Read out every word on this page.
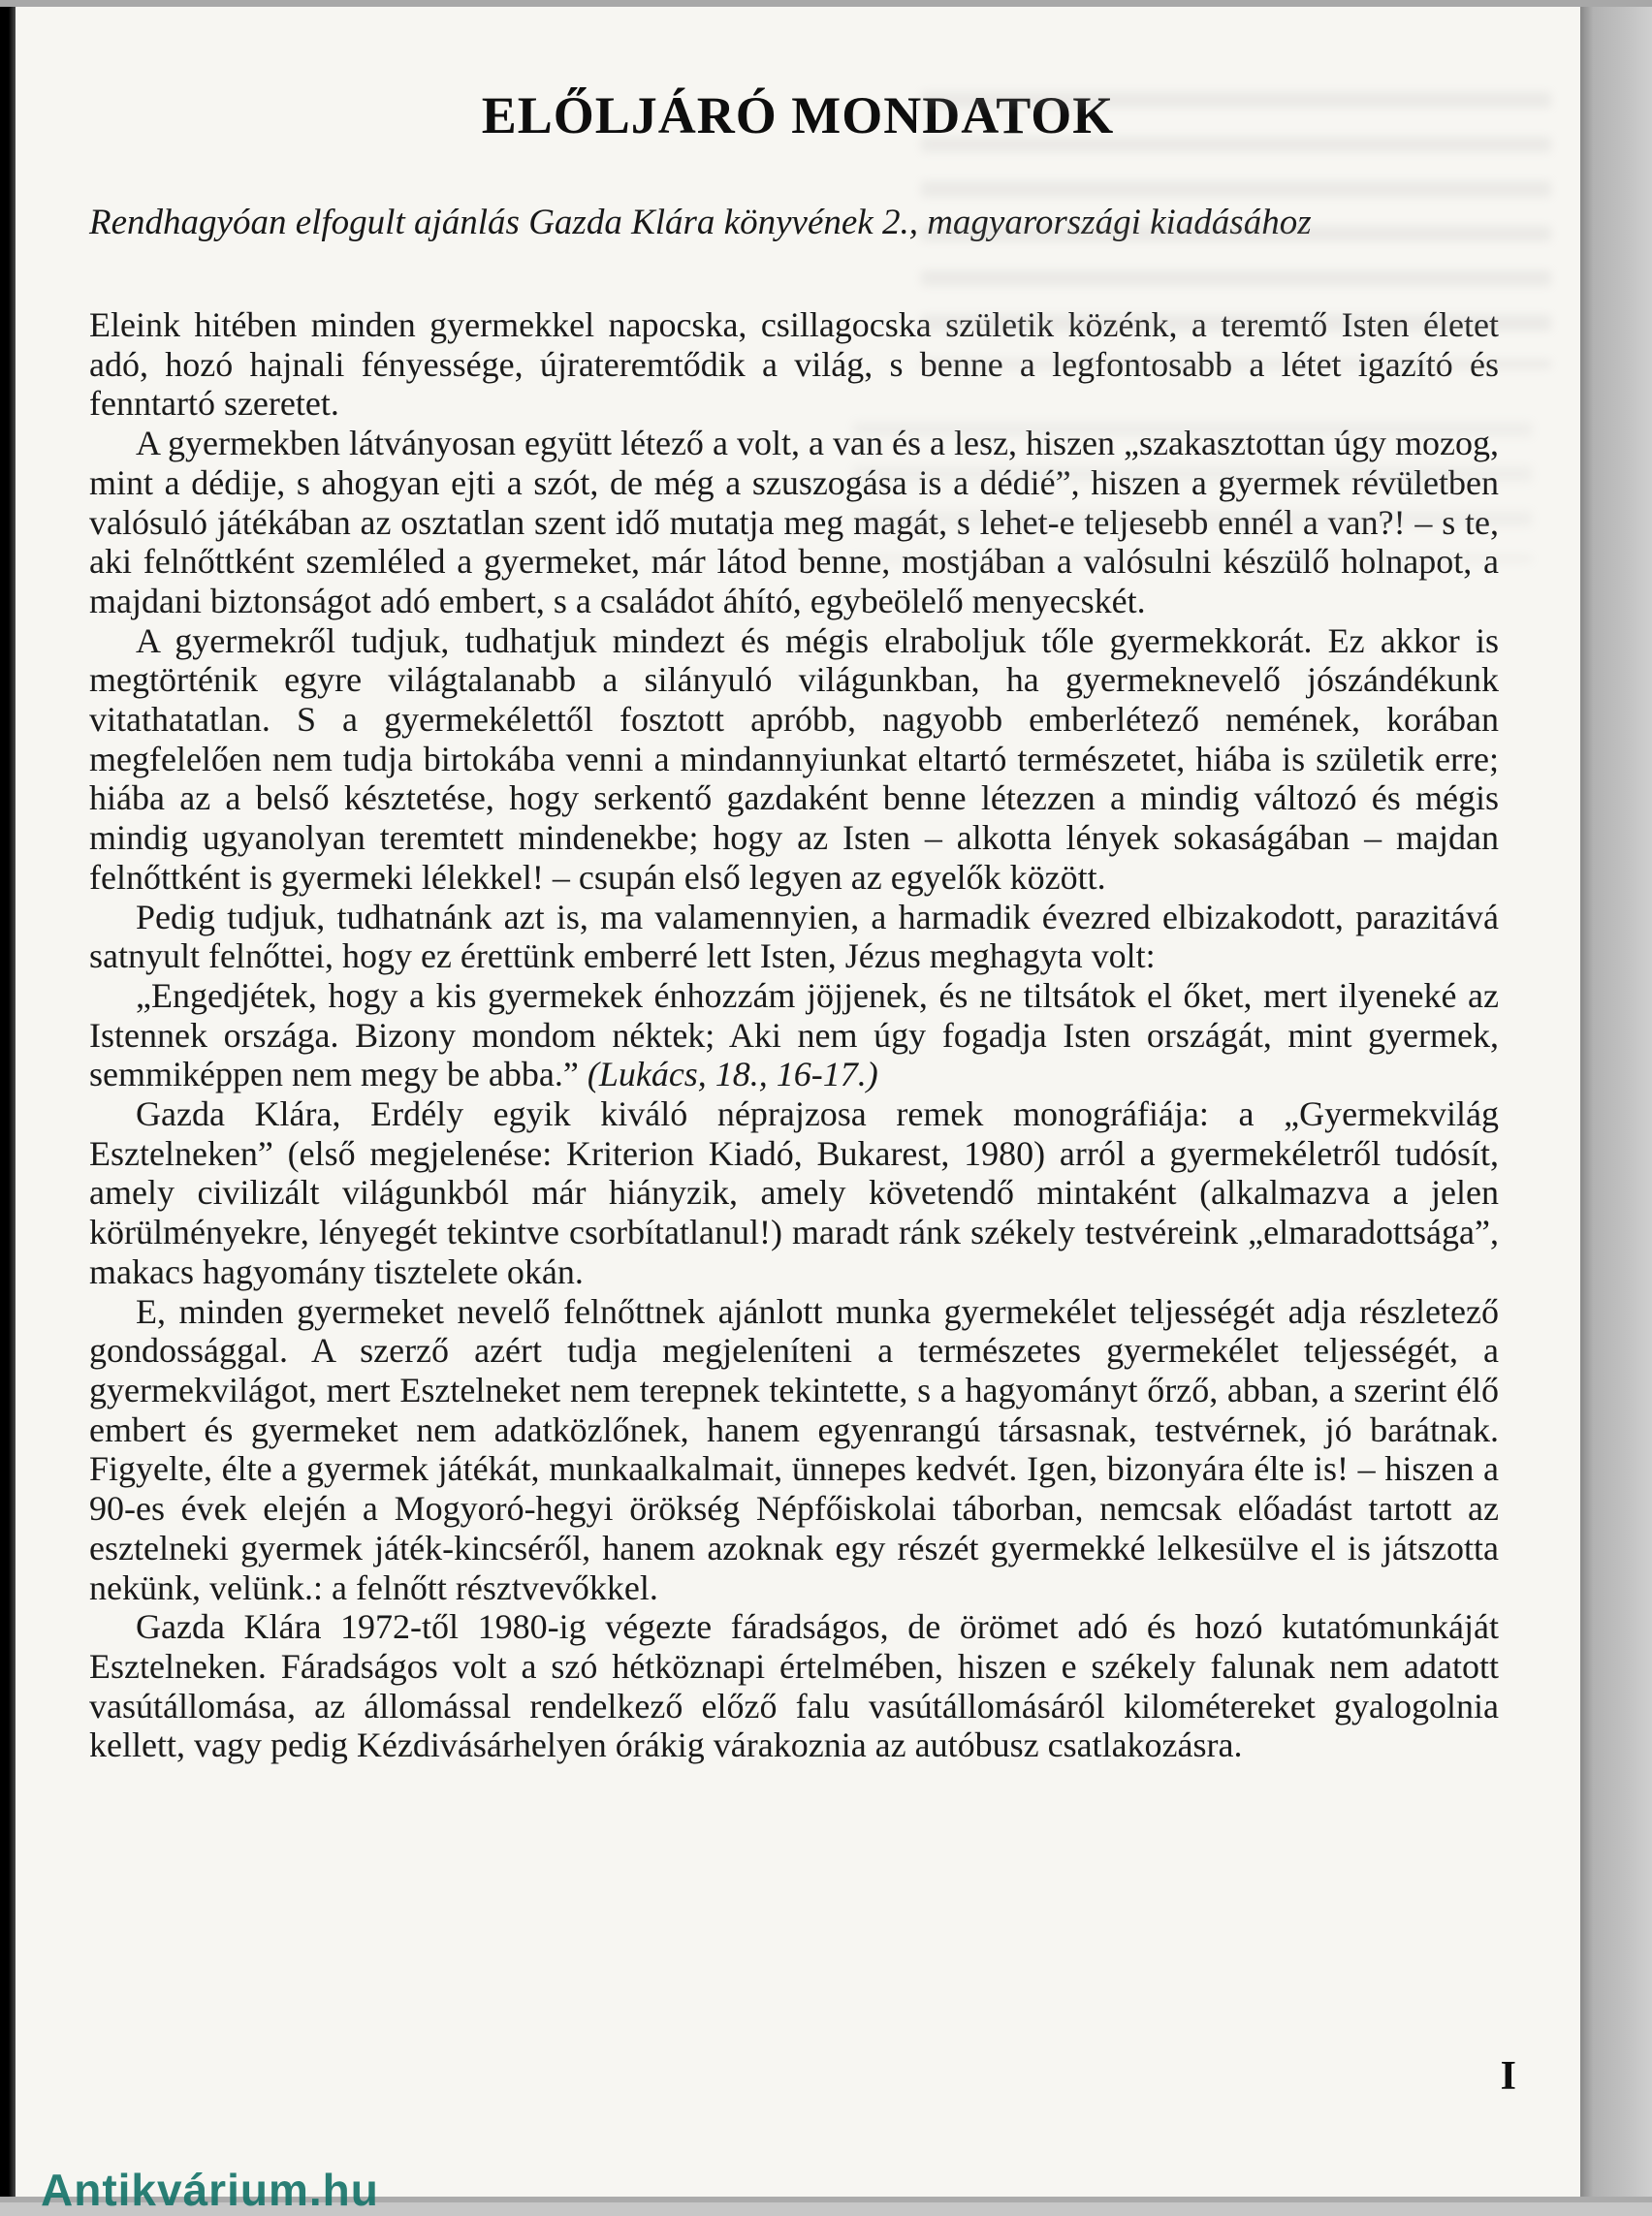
ELŐLJÁRÓ MONDATOK

Rendhagyóan elfogult ajánlás Gazda Klára könyvének 2., magyarországi kiadásához

Eleink hitében minden gyermekkel napocska, csillagocska születik közénk, a teremtő Isten életet adó, hozó hajnali fényessége, újrateremtődik a világ, s benne a legfontosabb a létet igazító és fenntartó szeretet.

A gyermekben látványosan együtt létező a volt, a van és a lesz, hiszen „szakasztottan úgy mozog, mint a dédije, s ahogyan ejti a szót, de még a szuszogása is a dédié”, hiszen a gyermek révületben valósuló játékában az osztatlan szent idő mutatja meg magát, s lehet-e teljesebb ennél a van?! – s te, aki felnőttként szemléled a gyermeket, már látod benne, mostjában a valósulni készülő holnapot, a majdani biztonságot adó embert, s a családot áhító, egybeölelő menyecskét.

A gyermekről tudjuk, tudhatjuk mindezt és mégis elraboljuk tőle gyermekkorát. Ez akkor is megtörténik egyre világtalanabb a silányuló világunkban, ha gyermeknevelő jószándékunk vitathatatlan. S a gyermekélettől fosztott apróbb, nagyobb emberlétező nemének, korában megfelelően nem tudja birtokába venni a mindannyiunkat eltartó természetet, hiába is születik erre; hiába az a belső késztetése, hogy serkentő gazdaként benne létezzen a mindig változó és mégis mindig ugyanolyan teremtett mindenekbe; hogy az Isten – alkotta lények sokaságában – majdan felnőttként is gyermeki lélekkel! – csupán első legyen az egyelők között.

Pedig tudjuk, tudhatnánk azt is, ma valamennyien, a harmadik évezred elbizakodott, parazitává satnyult felnőttei, hogy ez érettünk emberré lett Isten, Jézus meghagyta volt:

„Engedjétek, hogy a kis gyermekek énhozzám jöjjenek, és ne tiltsátok el őket, mert ilyeneké az Istennek országa. Bizony mondom néktek; Aki nem úgy fogadja Isten országát, mint gyermek, semmiképpen nem megy be abba.” (Lukács, 18., 16-17.)

Gazda Klára, Erdély egyik kiváló néprajzosa remek monográfiája: a „Gyermekvilág Esztelneken” (első megjelenése: Kriterion Kiadó, Bukarest, 1980) arról a gyermekéletről tudósít, amely civilizált világunkból már hiányzik, amely követendő mintaként (alkalmazva a jelen körülményekre, lényegét tekintve csorbítatlanul!) maradt ránk székely testvéreink „elmaradottsága”, makacs hagyomány tisztelete okán.

E, minden gyermeket nevelő felnőttnek ajánlott munka gyermekélet teljességét adja részletező gondossággal. A szerző azért tudja megjeleníteni a természetes gyermekélet teljességét, a gyermekvilágot, mert Esztelneket nem terepnek tekintette, s a hagyományt őrző, abban, a szerint élő embert és gyermeket nem adatközlőnek, hanem egyenrangú társasnak, testvérnek, jó barátnak. Figyelte, élte a gyermek játékát, munkaalkalmait, ünnepes kedvét. Igen, bizonyára élte is! – hiszen a 90-es évek elején a Mogyoró-hegyi örökség Népfőiskolai táborban, nemcsak előadást tartott az esztelneki gyermek játék-kincséről, hanem azoknak egy részét gyermekké lelkesülve el is játszotta nekünk, velünk.: a felnőtt résztvevőkkel.

Gazda Klára 1972-től 1980-ig végezte fáradságos, de örömet adó és hozó kutatómunkáját Esztelneken. Fáradságos volt a szó hétköznapi értelmében, hiszen e székely falunak nem adatott vasútállomása, az állomással rendelkező előző falu vasútállomásáról kilométereket gyalogolnia kellett, vagy pedig Kézdivásárhelyen órákig várakoznia az autóbusz csatlakozásra.

I
Antikvárium.hu
